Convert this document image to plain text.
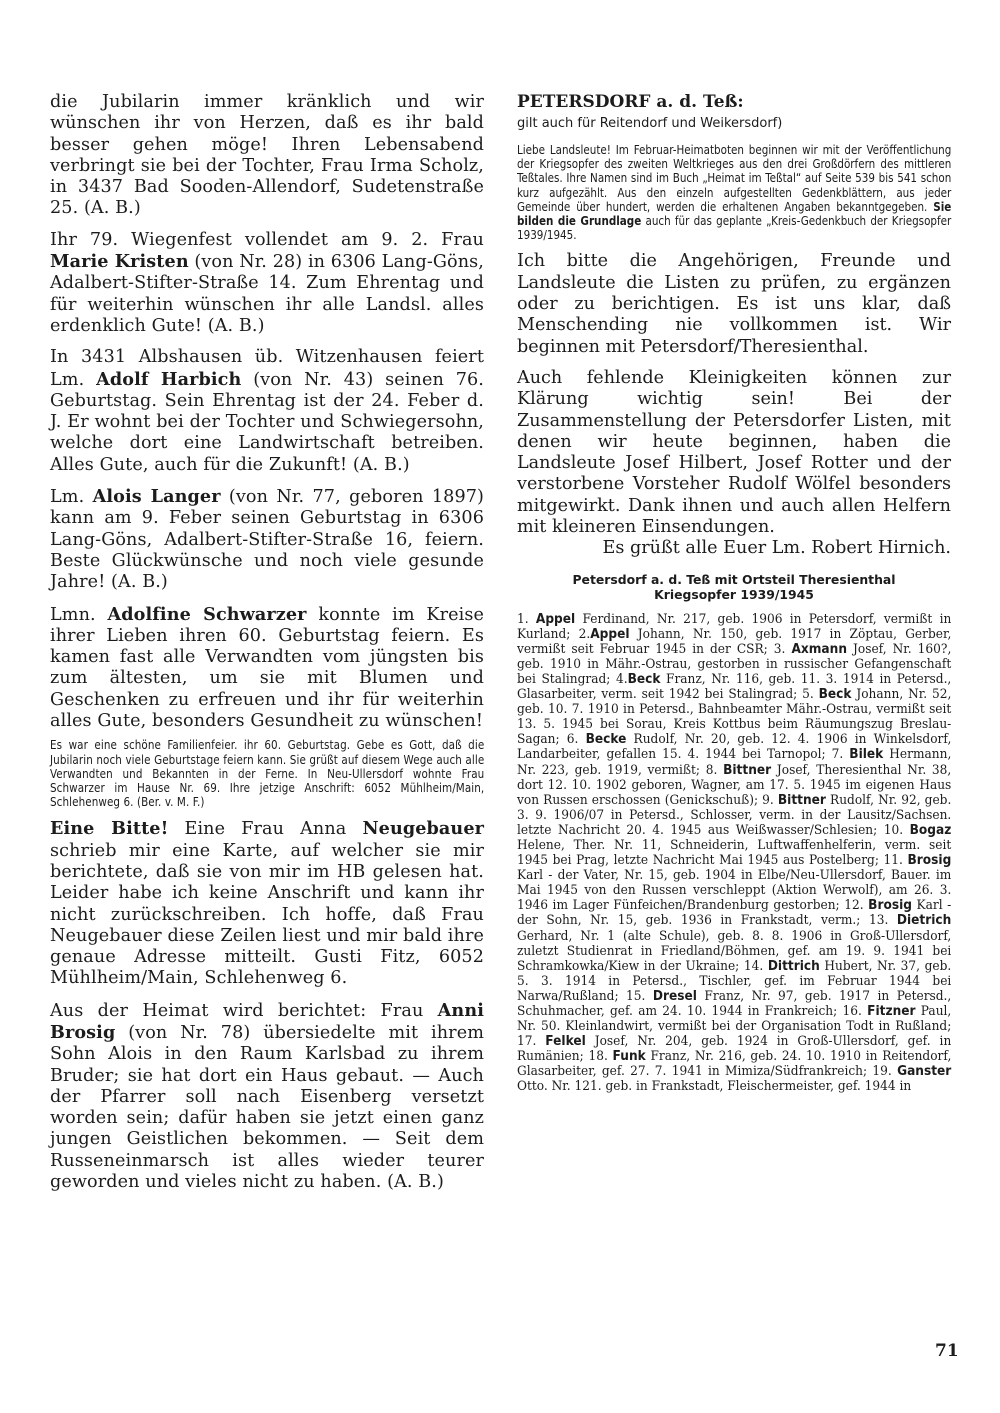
die Jubilarin immer kränklich und wir wünschen ihr von Herzen, daß es ihr bald besser gehen möge! Ihren Lebensabend verbringt sie bei der Tochter, Frau Irma Scholz, in 3437 Bad Sooden-Allendorf, Sudetenstraße 25. (A. B.)

Ihr 79. Wiegenfest vollendet am 9. 2. Frau Marie Kristen (von Nr. 28) in 6306 Lang-Göns, Adalbert-Stifter-Straße 14. Zum Ehrentag und für weiterhin wünschen ihr alle Landsl. alles erdenklich Gute! (A. B.)

In 3431 Albshausen üb. Witzenhausen feiert Lm. Adolf Harbich (von Nr. 43) seinen 76. Geburtstag. Sein Ehrentag ist der 24. Feber d. J. Er wohnt bei der Tochter und Schwiegersohn, welche dort eine Landwirtschaft betreiben. Alles Gute, auch für die Zukunft! (A. B.)

Lm. Alois Langer (von Nr. 77, geboren 1897) kann am 9. Feber seinen Geburtstag in 6306 Lang-Göns, Adalbert-Stifter-Straße 16, feiern. Beste Glückwünsche und noch viele gesunde Jahre! (A. B.)

Lmn. Adolfine Schwarzer konnte im Kreise ihrer Lieben ihren 60. Geburtstag feiern. Es kamen fast alle Verwandten vom jüngsten bis zum ältesten, um sie mit Blumen und Geschenken zu erfreuen und ihr für weiterhin alles Gute, besonders Gesundheit zu wünschen!

Es war eine schöne Familienfeier. ihr 60. Geburtstag. Gebe es Gott, daß die Jubilarin noch viele Geburtstage feiern kann. Sie grüßt auf diesem Wege auch alle Verwandten und Bekannten in der Ferne. In Neu-Ullersdorf wohnte Frau Schwarzer im Hause Nr. 69. Ihre jetzige Anschrift: 6052 Mühlheim/Main, Schlehenweg 6. (Ber. v. M. F.)

Eine Bitte! Eine Frau Anna Neugebauer schrieb mir eine Karte, auf welcher sie mir berichtete, daß sie von mir im HB gelesen hat. Leider habe ich keine Anschrift und kann ihr nicht zurückschreiben. Ich hoffe, daß Frau Neugebauer diese Zeilen liest und mir bald ihre genaue Adresse mitteilt. Gusti Fitz, 6052 Mühlheim/Main, Schlehenweg 6.

Aus der Heimat wird berichtet: Frau Anni Brosig (von Nr. 78) übersiedelte mit ihrem Sohn Alois in den Raum Karlsbad zu ihrem Bruder; sie hat dort ein Haus gebaut. — Auch der Pfarrer soll nach Eisenberg versetzt worden sein; dafür haben sie jetzt einen ganz jungen Geistlichen bekommen. — Seit dem Russeneinmarsch ist alles wieder teurer geworden und vieles nicht zu haben. (A. B.)

PETERSDORF a. d. Teß:

gilt auch für Reitendorf und Weikersdorf)

Liebe Landsleute! Im Februar-Heimatboten beginnen wir mit der Veröffentlichung der Kriegsopfer des zweiten Weltkrieges aus den drei Großdörfern des mittleren Teßtales. Ihre Namen sind im Buch „Heimat im Teßtal“ auf Seite 539 bis 541 schon kurz aufgezählt. Aus den einzeln aufgestellten Gedenkblättern, aus jeder Gemeinde über hundert, werden die erhaltenen Angaben bekanntgegeben. Sie bilden die Grundlage auch für das geplante „Kreis-Gedenkbuch der Kriegsopfer 1939/1945.

Ich bitte die Angehörigen, Freunde und Landsleute die Listen zu prüfen, zu ergänzen oder zu berichtigen. Es ist uns klar, daß Menschending nie vollkommen ist. Wir beginnen mit Petersdorf/Theresienthal.

Auch fehlende Kleinigkeiten können zur Klärung wichtig sein! Bei der Zusammenstellung der Petersdorfer Listen, mit denen wir heute beginnen, haben die Landsleute Josef Hilbert, Josef Rotter und der verstorbene Vorsteher Rudolf Wölfel besonders mitgewirkt. Dank ihnen und auch allen Helfern mit kleineren Einsendungen.

Es grüßt alle Euer Lm. Robert Hirnich.

Petersdorf a. d. Teß mit Ortsteil Theresienthal
Kriegsopfer 1939/1945

1. Appel Ferdinand, Nr. 217, geb. 1906 in Petersdorf, vermißt in Kurland; 2.Appel Johann, Nr. 150, geb. 1917 in Zöptau, Gerber, vermißt seit Februar 1945 in der CSR; 3. Axmann Josef, Nr. 160?, geb. 1910 in Mähr.-Ostrau, gestorben in russischer Gefangenschaft bei Stalingrad; 4.Beck Franz, Nr. 116, geb. 11. 3. 1914 in Petersd., Glasarbeiter, verm. seit 1942 bei Stalingrad; 5. Beck Johann, Nr. 52, geb. 10. 7. 1910 in Petersd., Bahnbeamter Mähr.-Ostrau, vermißt seit 13. 5. 1945 bei Sorau, Kreis Kottbus beim Räumungszug Breslau-Sagan; 6. Becke Rudolf, Nr. 20, geb. 12. 4. 1906 in Winkelsdorf, Landarbeiter, gefallen 15. 4. 1944 bei Tarnopol; 7. Bilek Hermann, Nr. 223, geb. 1919, vermißt; 8. Bittner Josef, Theresienthal Nr. 38, dort 12. 10. 1902 geboren, Wagner, am 17. 5. 1945 im eigenen Haus von Russen erschossen (Genickschuß); 9. Bittner Rudolf, Nr. 92, geb. 3. 9. 1906/07 in Petersd., Schlosser, verm. in der Lausitz/Sachsen. letzte Nachricht 20. 4. 1945 aus Weißwasser/Schlesien; 10. Bogaz Helene, Ther. Nr. 11, Schneiderin, Luftwaffenhelferin, verm. seit 1945 bei Prag, letzte Nachricht Mai 1945 aus Postelberg; 11. Brosig Karl - der Vater, Nr. 15, geb. 1904 in Elbe/Neu-Ullersdorf, Bauer. im Mai 1945 von den Russen verschleppt (Aktion Werwolf), am 26. 3. 1946 im Lager Fünfeichen/Brandenburg gestorben; 12. Brosig Karl - der Sohn, Nr. 15, geb. 1936 in Frankstadt, verm.; 13. Dietrich Gerhard, Nr. 1 (alte Schule), geb. 8. 8. 1906 in Groß-Ullersdorf, zuletzt Studienrat in Friedland/Böhmen, gef. am 19. 9. 1941 bei Schramkowka/Kiew in der Ukraine; 14. Dittrich Hubert, Nr. 37, geb. 5. 3. 1914 in Petersd., Tischler, gef. im Februar 1944 bei Narwa/Rußland; 15. Dresel Franz, Nr. 97, geb. 1917 in Petersd., Schuhmacher, gef. am 24. 10. 1944 in Frankreich; 16. Fitzner Paul, Nr. 50. Kleinlandwirt, vermißt bei der Organisation Todt in Rußland; 17. Felkel Josef, Nr. 204, geb. 1924 in Groß-Ullersdorf, gef. in Rumänien; 18. Funk Franz, Nr. 216, geb. 24. 10. 1910 in Reitendorf, Glasarbeiter, gef. 27. 7. 1941 in Mimiza/Südfrankreich; 19. Ganster Otto. Nr. 121. geb. in Frankstadt, Fleischermeister, gef. 1944 in

71
